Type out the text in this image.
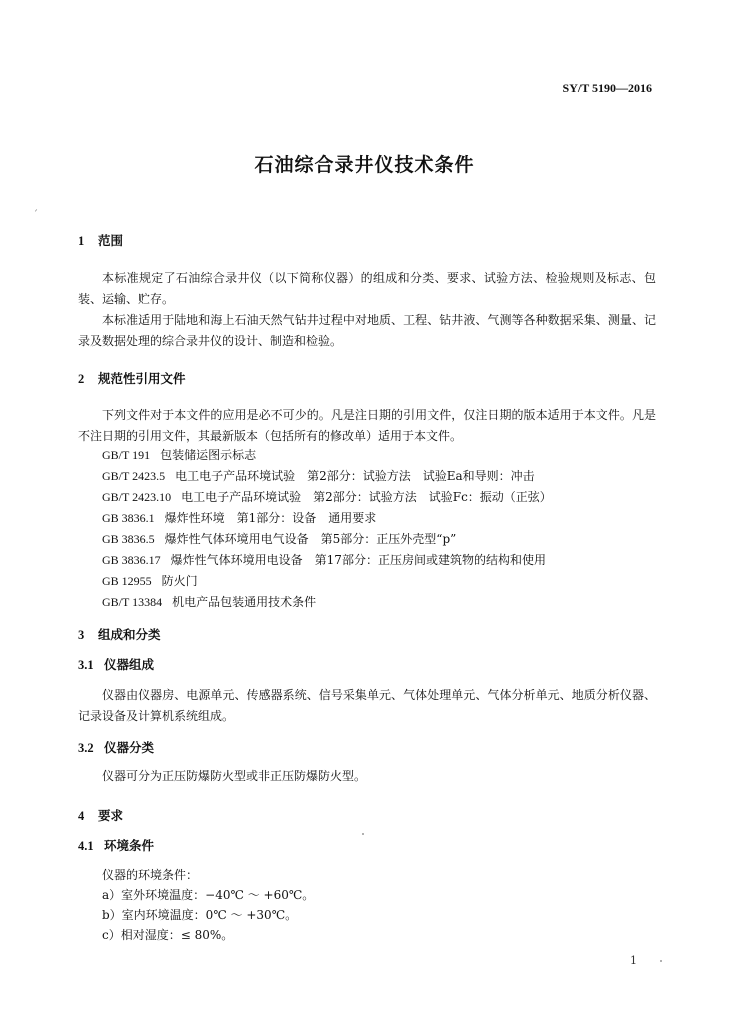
SY/T 5190—2016
石油综合录井仪技术条件
ˊ
1 范围
本标准规定了石油综合录井仪（以下简称仪器）的组成和分类、要求、试验方法、检验规则及标志、包装、运输、贮存。
本标准适用于陆地和海上石油天然气钻井过程中对地质、工程、钻井液、气测等各种数据采集、测量、记录及数据处理的综合录井仪的设计、制造和检验。
2 规范性引用文件
下列文件对于本文件的应用是必不可少的。凡是注日期的引用文件，仅注日期的版本适用于本文件。凡是不注日期的引用文件，其最新版本（包括所有的修改单）适用于本文件。
GB/T 191 包装储运图示标志
GB/T 2423.5 电工电子产品环境试验　第2部分：试验方法　试验Ea和导则：冲击
GB/T 2423.10 电工电子产品环境试验　第2部分：试验方法　试验Fc：振动（正弦）
GB 3836.1 爆炸性环境　第1部分：设备　通用要求
GB 3836.5 爆炸性气体环境用电气设备　第5部分：正压外壳型“p”
GB 3836.17 爆炸性气体环境用电设备　第17部分：正压房间或建筑物的结构和使用
GB 12955 防火门
GB/T 13384 机电产品包装通用技术条件
3 组成和分类
3.1 仪器组成
仪器由仪器房、电源单元、传感器系统、信号采集单元、气体处理单元、气体分析单元、地质分析仪器、记录设备及计算机系统组成。
3.2 仪器分类
仪器可分为正压防爆防火型或非正压防爆防火型。
4 要求
4.1 环境条件
仪器的环境条件：
a）室外环境温度：−40℃ ～ +60℃。
b）室内环境温度：0℃ ～ +30℃。
c）相对湿度：≤ 80%。
1
